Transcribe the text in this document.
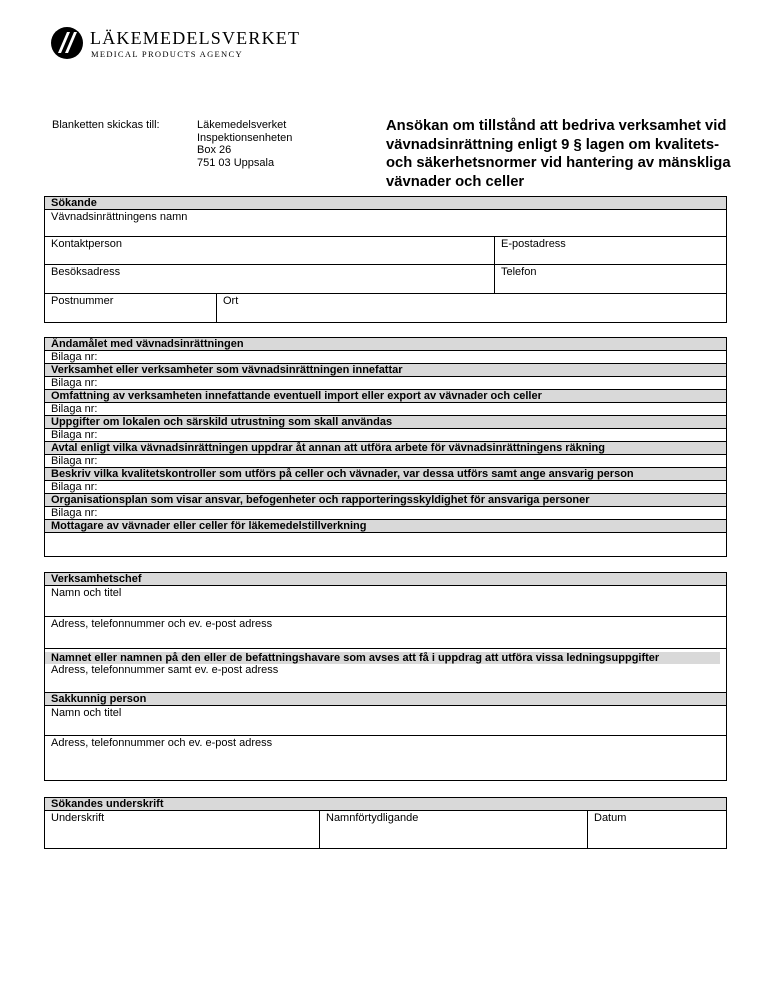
LÄKEMEDELSVERKET
MEDICAL PRODUCTS AGENCY
Blanketten skickas till:	Läkemedelsverket
Inspektionsenheten
Box 26
751 03 Uppsala
Ansökan om tillstånd att bedriva verksamhet vid vävnadsinrättning enligt 9 § lagen om kvalitets- och säkerhetsnormer vid hantering av mänskliga vävnader och celler
Sökande
Vävnadsinrättningens namn
Kontaktperson	E-postadress
Besöksadress	Telefon
Postnummer	Ort
Ändamålet med vävnadsinrättningen
Bilaga nr:
Verksamhet eller verksamheter som vävnadsinrättningen innefattar
Bilaga nr:
Omfattning av verksamheten innefattande eventuell import eller export av vävnader och celler
Bilaga nr:
Uppgifter om lokalen och särskild utrustning som skall användas
Bilaga nr:
Avtal enligt vilka vävnadsinrättningen uppdrar åt annan att utföra arbete för vävnadsinrättningens räkning
Bilaga nr:
Beskriv vilka kvalitetskontroller som utförs på celler och vävnader, var dessa utförs samt ange ansvarig person
Bilaga nr:
Organisationsplan som visar ansvar, befogenheter och rapporteringsskyldighet för ansvariga personer
Bilaga nr:
Mottagare av vävnader eller celler för läkemedelstillverkning
Verksamhetschef
Namn och titel
Adress, telefonnummer och ev. e-post adress
Namnet eller namnen på den eller de befattningshavare som avses att få i uppdrag att utföra vissa ledningsuppgifter
Adress, telefonnummer samt ev. e-post adress
Sakkunnig person
Namn och titel
Adress, telefonnummer och ev. e-post adress
Sökandes underskrift
Underskrift	Namnförtydligande	Datum
